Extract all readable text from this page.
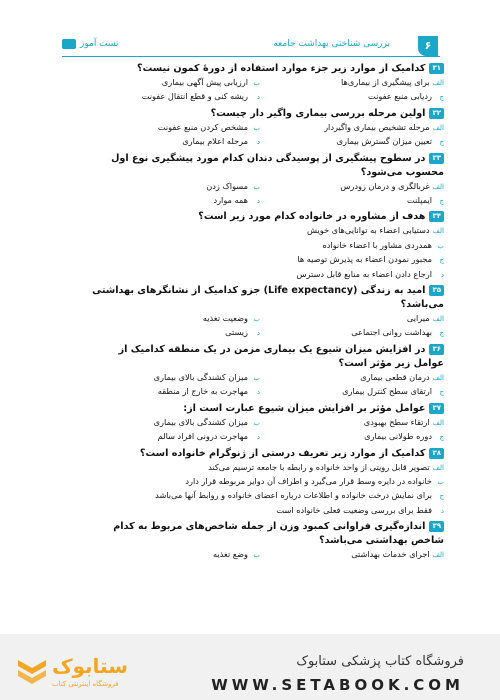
۶
بررسی شناختی بهداشت جامعه
تست آموز
۳۱کدامیک از موارد زیر جزء موارد استفاده از دورۀ کمون نیست؟
الفبرای پیشگیری از بیماری‌ها
بارزیابی پیش آگهی بیماری
جردیابی منبع عفونت
دریشه کنی و قطع انتقال عفونت
۳۲اولین مرحله بررسی بیماری واگیر دار چیست؟
الفمرحله تشخیص بیماری واگیردار
بمشخص کردن منبع عفونت
جتعیین میزان گسترش بیماری
دمرحله اعلام بیماری
۳۳در سطوح پیشگیری از پوسیدگی دندان کدام مورد پیشگیری نوع اول محسوب می‌شود؟
الفغربالگری و درمان زودرس
بمسواک زدن
جایمپلنت
دهمه موارد
۳۴هدف از مشاوره در خانواده کدام مورد زیر است؟
الفدستیابی اعضاء به توانایی‌های خویش
بهمدردی مشاور با اعضاء خانواده
جمجبور نمودن اعضاء به پذیرش توصیه ها
دارجاع دادن اعضاء به منابع قابل دسترس
۳۵امید به زندگی (Life expectancy) جزو کدامیک از نشانگرهای بهداشتی می‌باشد؟
الفمیرایی
بوضعیت تغذیه
جبهداشت روانی اجتماعی
دزیستی
۳۶در افزایش میزان شیوع یک بیماری مزمن در یک منطقه کدامیک از عوامل زیر مؤثر است؟
الفدرمان قطعی بیماری
بمیزان کشندگی بالای بیماری
جارتقای سطح کنترل بیماری
دمهاجرت به خارج از منطقه
۳۷عوامل مؤثر بر افزایش میزان شیوع عبارت است از:
الفارتقاء سطح بهبودی
بمیزان کشندگی بالای بیماری
جدوره طولانی بیماری
دمهاجرت درونی افراد سالم
۳۸کدامیک از موارد زیر تعریف درستی از ژنوگرام خانواده است؟
الفتصویر قابل رویتی از واحد خانواده و رابطه با جامعه ترسیم می‌کند
بخانواده در دایره وسط قرار می‌گیرد و اطراف آن دوایر مربوطه قرار دارد
جبرای نمایش درخت خانواده و اطلاعات درباره اعضای خانواده و روابط آنها می‌باشد
دفقط برای بررسی وضعیت فعلی خانواده است
۳۹اندازه‌گیری فراوانی کمبود وزن از جمله شاخص‌های مربوط به کدام شاخص بهداشتی می‌باشد؟
الفاجرای خدمات بهداشتی
بوضع تغذیه
ستابوک
فروشگاه اینترنتی کتاب
فروشگاه کتاب پزشکی ستابوک
WWW.SETABOOK.COM
